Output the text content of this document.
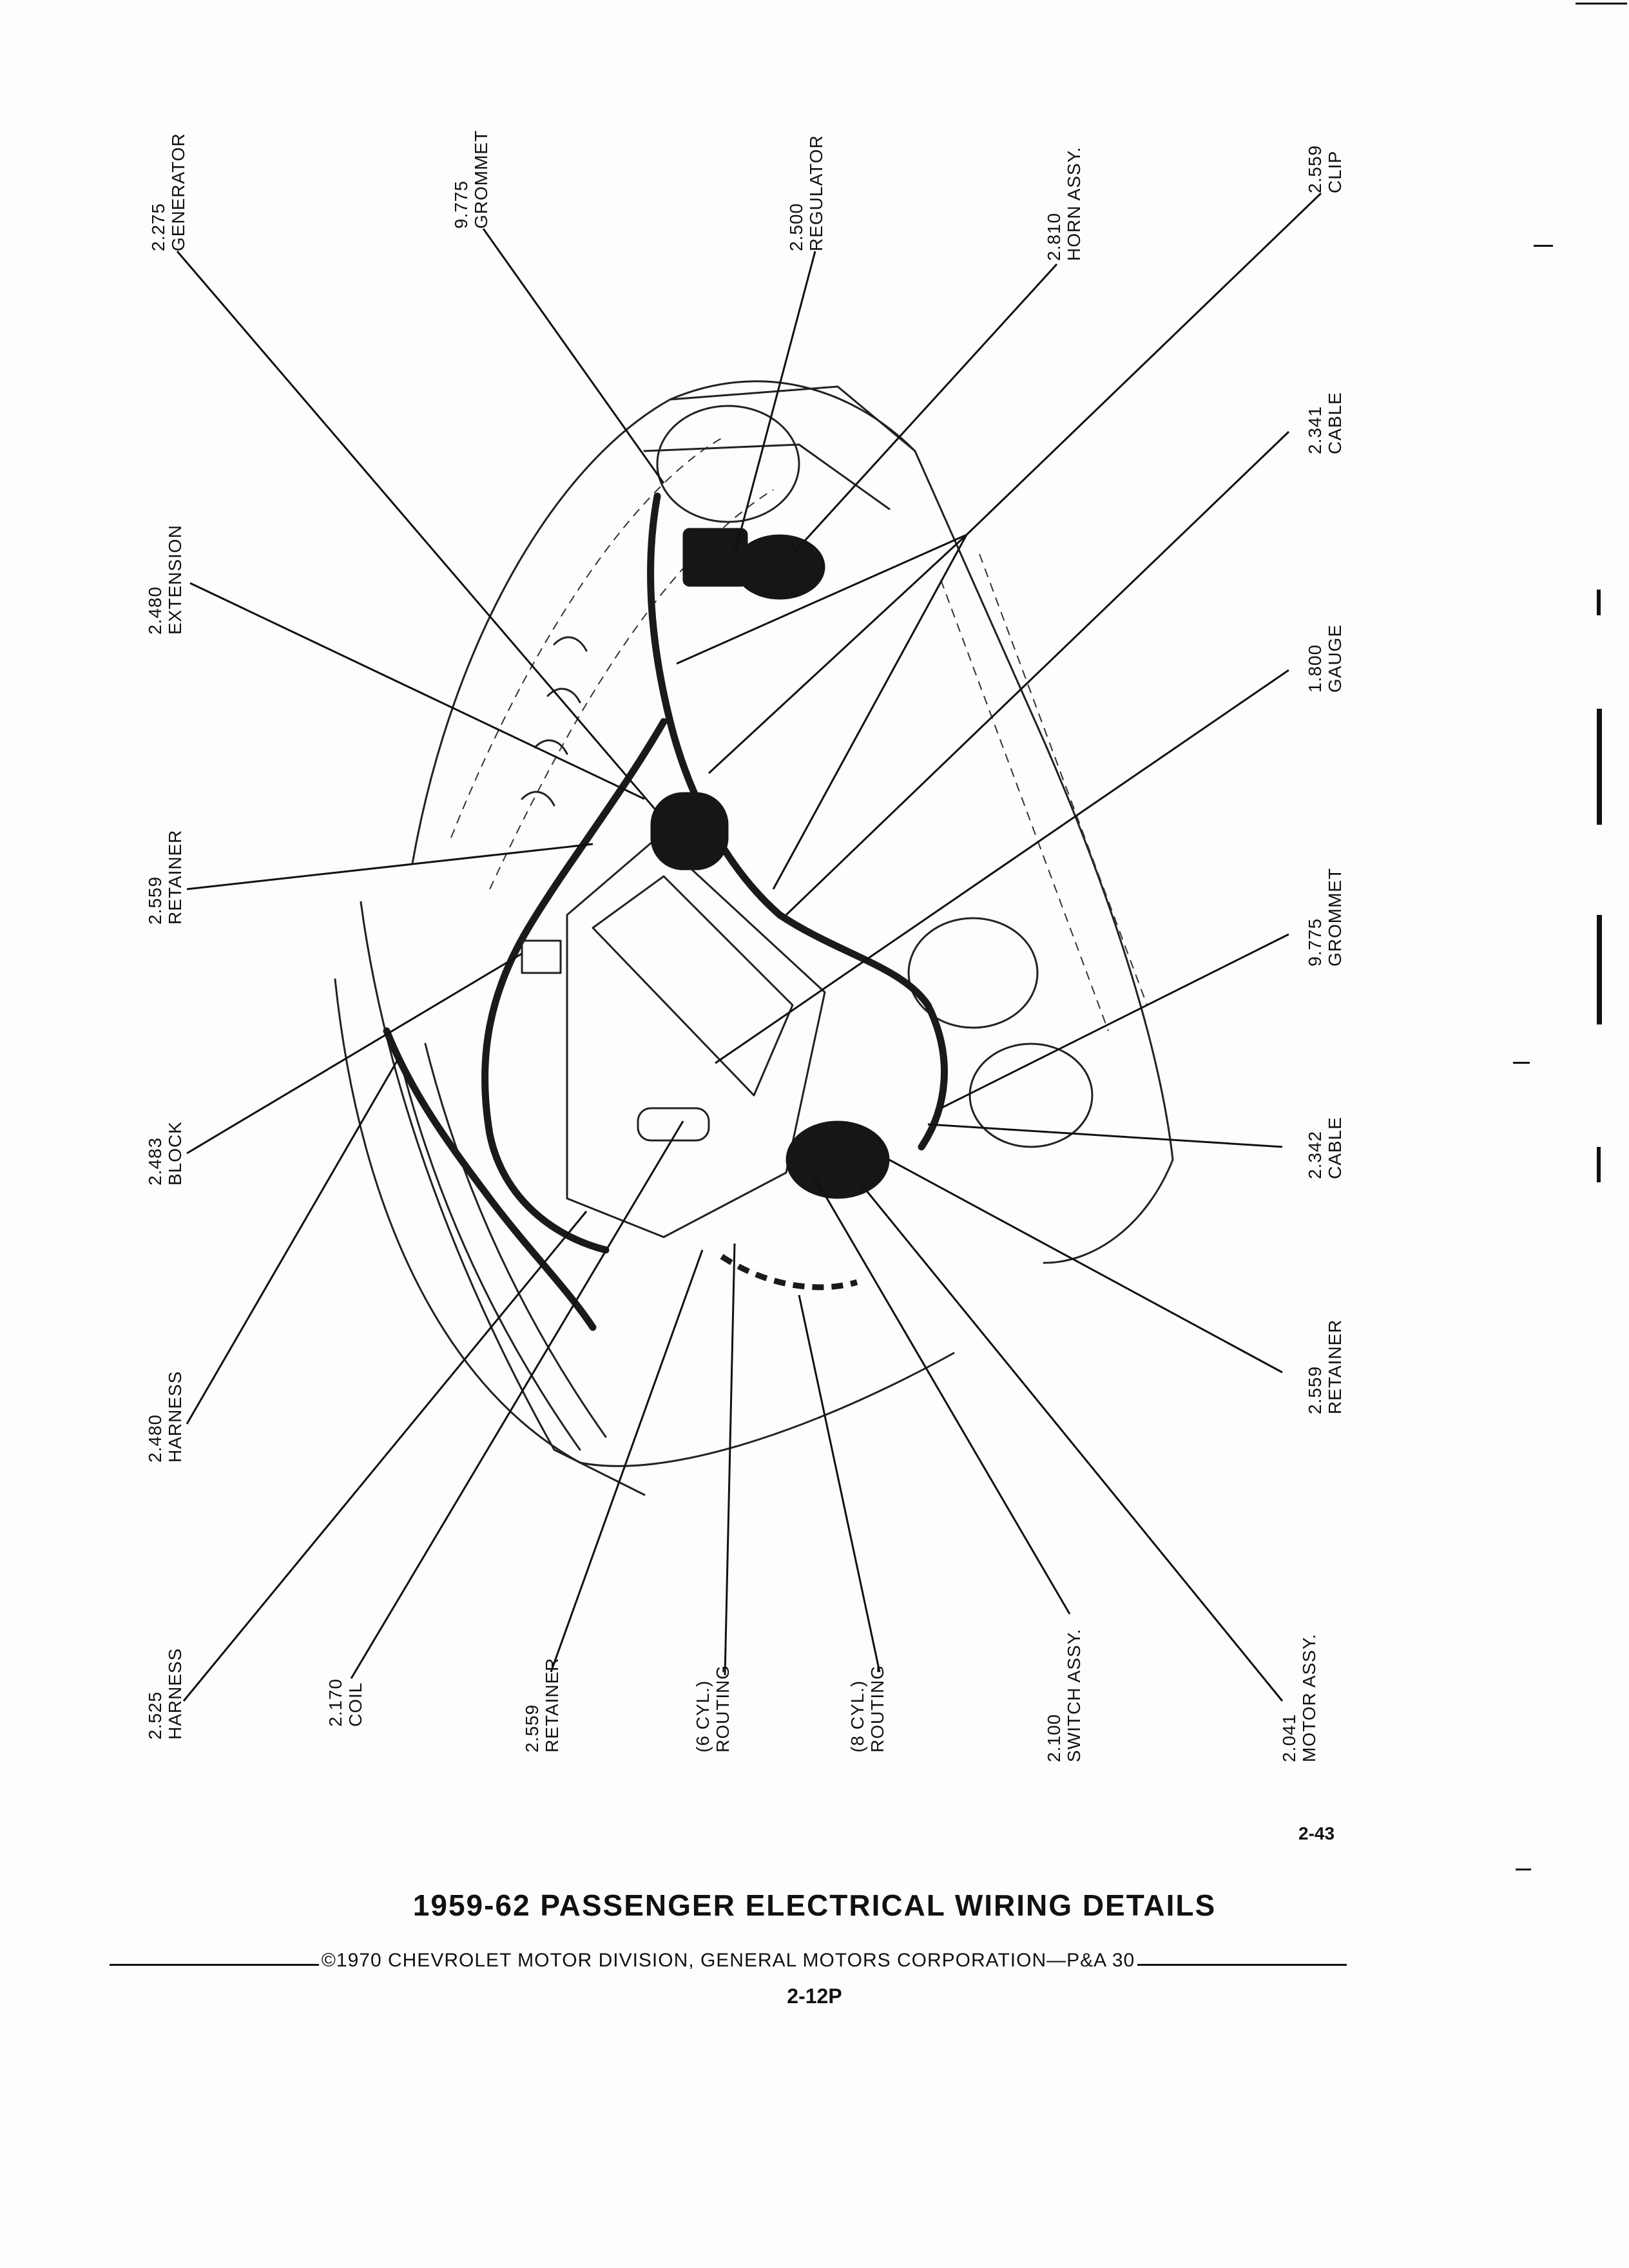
2.275 GENERATOR	9.775 GROMMET	2.500 REGULATOR	2.810 HORN ASSY.	2.559 CLIP
2.480 EXTENSION
2.341 CABLE
1.800 GAUGE
2.559 RETAINER
9.775 GROMMET
2.483 BLOCK	2.342 CABLE
2.480 HARNESS	2.559 RETAINER
2.525 HARNESS	2.170 COIL	2.559 RETAINER	(6 CYL.) ROUTING	(8 CYL.) ROUTING	2.100 SWITCH ASSY.	2.041 MOTOR ASSY.
2-43
1959-62 PASSENGER ELECTRICAL WIRING DETAILS
©1970 CHEVROLET MOTOR DIVISION, GENERAL MOTORS CORPORATION—P&A 30
2-12P
